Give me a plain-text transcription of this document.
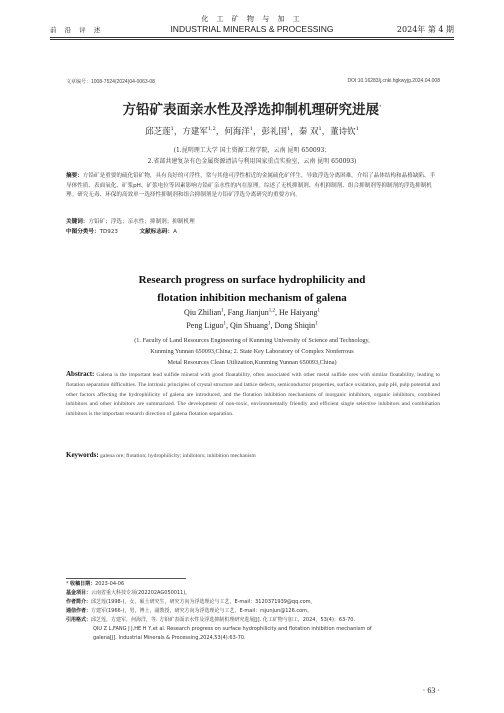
化 工 矿 物 与 加 工
前 沿 评 述	INDUSTRIAL MINERALS & PROCESSING	2024年 第 4 期
文章编号：1008-7524(2024)04-0063-08	DOI:10.16283/j.cnki.hgkwyjg.2024.04.008
方铅矿表面亲水性及浮选抑制机理研究进展*
邱芝莲$^1$，方建军$^{1,2}$，何海洋$^1$，彭礼国$^1$，秦 双$^1$，董诗钦$^1$
(1.昆明理工大学 国土资源工程学院，云南 昆明 650093；
2.省部共建复杂有色金属资源清洁与利用国家重点实验室，云南 昆明 650093)
摘要：方铅矿是重要的硫化铅矿物，具有良好的可浮性，常与其他可浮性相近的金属硫化矿伴生，导致浮选分离困难。介绍了晶体结构和晶格缺陷、半导体性质、表面氧化、矿浆pH、矿浆电位等因素影响方铅矿亲水性的内在原理。综述了无机抑制剂、有机抑制剂、组合抑制剂等抑制剂的浮选抑制机理。研究无毒、环保的高效单一选择性抑制剂和组合抑制剂是方铅矿浮选分离研究的重要方向。
关键词：方铅矿；浮选；亲水性；抑制剂；抑制机理
中图分类号：TD923	文献标志码：A
Research progress on surface hydrophilicity and
flotation inhibition mechanism of galena
Qiu Zhilian$^1$, Fang Jianjun$^{1,2}$, He Haiyang$^1$
Peng Liguo$^1$, Qin Shuang$^1$, Dong Shiqin$^1$
(1. Faculty of Land Resources Engineering of Kunming University of Science and Technology,
Kunming Yunnan 650093,China; 2. State Key Laboratory of Complex Nonferrous
Metal Resources Clean Utilization,Kunming Yunnan 650093,China)
Abstract: Galena is the important lead sulfide mineral with good floatability, often associated with other metal sulfide ores with similar floatability, leading to flotation separation difficulties. The intrinsic principles of crystal structure and lattice defects, semiconductor properties, surface oxidation, pulp pH, pulp potential and other factors affecting the hydrophilicity of galena are introduced, and the flotation inhibition mechanisms of inorganic inhibitors, organic inhibitors, combined inhibitors and other inhibitors are summarized. The development of non-toxic, environmentally friendly and efficient single selective inhibitors and combination inhibitors is the important research direction of galena flotation separation.
Keywords: galena ore; flotation; hydrophilicity; inhibitors; inhibition mechanism
* 收稿日期：2023-04-06
基金项目：云南省重大科技专项(202202AG050011)。
作者简介：邱芝莲(1998-)，女，硕士研究生，研究方向为浮选理论与工艺，E-mail：3120371939@qq.com。
通信作者：方建军(1966-)，男，博士，副教授，研究方向为浮选理论与工艺，E-mail：rsjunjun@126.com。
引用格式：邱芝莲，方建军，何海洋，等. 方铅矿表面亲水性及浮选抑制机理研究进展[J]. 化工矿物与加工，2024，53(4)：63-70.
QIU Z L,FANG J J,HE H Y,et al. Research progress on surface hydrophilicity and flotation inhibition mechanism of
galena[J]. Industrial Minerals & Processing,2024,53(4):63-70.
· 63 ·
